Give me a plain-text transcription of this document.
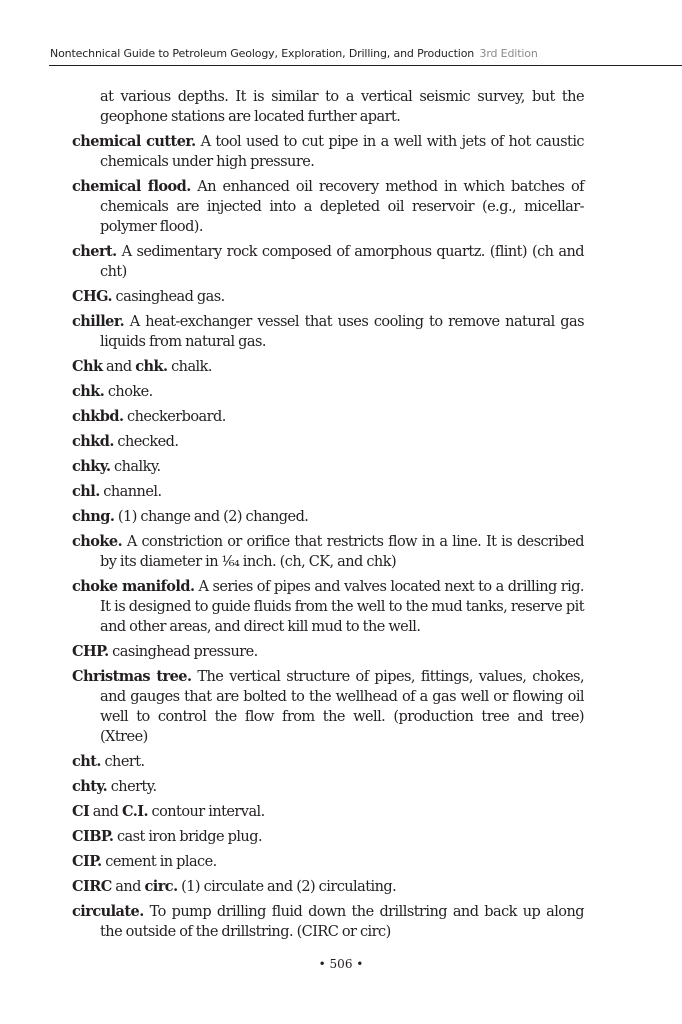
Nontechnical Guide to Petroleum Geology, Exploration, Drilling, and Production 3rd Edition

at various depths. It is similar to a vertical seismic survey, but the geophone stations are located further apart.

chemical cutter. A tool used to cut pipe in a well with jets of hot caustic chemicals under high pressure.

chemical flood. An enhanced oil recovery method in which batches of chemicals are injected into a depleted oil reservoir (e.g., micellar-polymer flood).

chert. A sedimentary rock composed of amorphous quartz. (flint) (ch and cht)

CHG. casinghead gas.

chiller. A heat-exchanger vessel that uses cooling to remove natural gas liquids from natural gas.

Chk and chk. chalk.

chk. choke.

chkbd. checkerboard.

chkd. checked.

chky. chalky.

chl. channel.

chng. (1) change and (2) changed.

choke. A constriction or orifice that restricts flow in a line. It is described by its diameter in ¹⁄₆₄ inch. (ch, CK, and chk)

choke manifold. A series of pipes and valves located next to a drilling rig. It is designed to guide fluids from the well to the mud tanks, reserve pit and other areas, and direct kill mud to the well.

CHP. casinghead pressure.

Christmas tree. The vertical structure of pipes, fittings, values, chokes, and gauges that are bolted to the wellhead of a gas well or flowing oil well to control the flow from the well. (production tree and tree) (Xtree)

cht. chert.

chty. cherty.

CI and C.I. contour interval.

CIBP. cast iron bridge plug.

CIP. cement in place.

CIRC and circ. (1) circulate and (2) circulating.

circulate. To pump drilling fluid down the drillstring and back up along the outside of the drillstring. (CIRC or circ)

• 506 •
